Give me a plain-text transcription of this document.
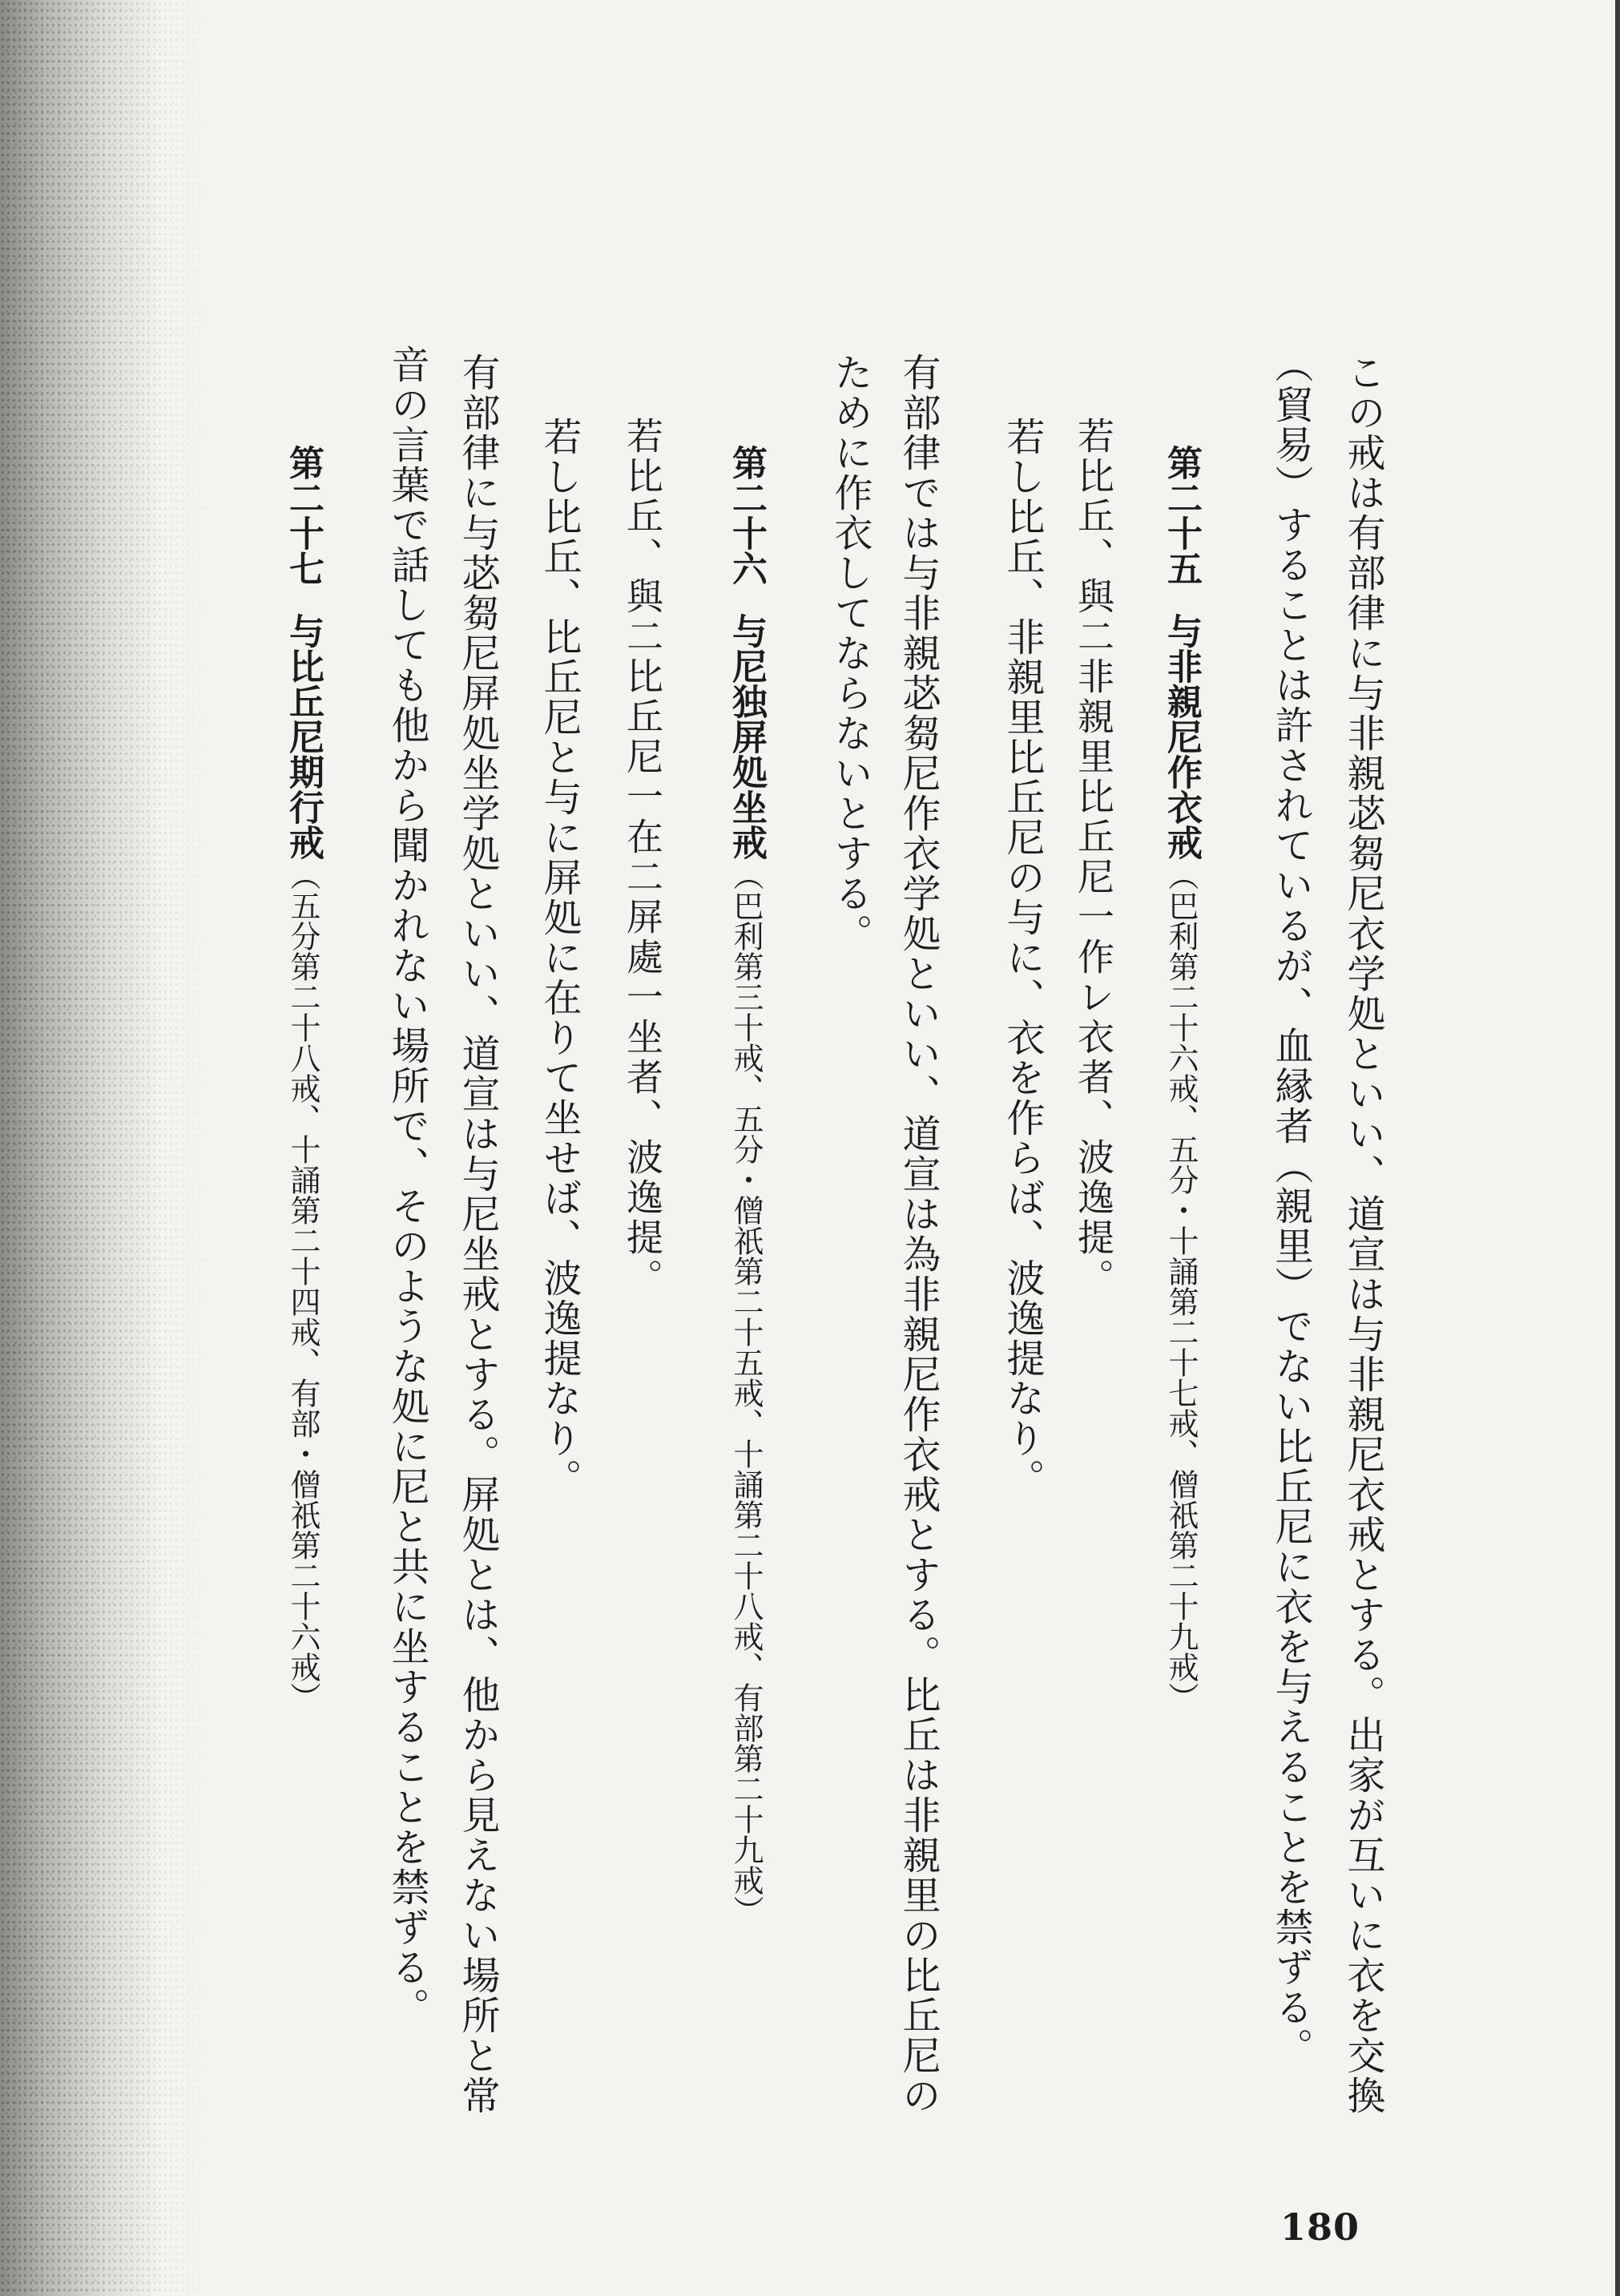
この戒は有部律に与非親苾芻尼衣学処といい、道宣は与非親尼衣戒とする。出家が互いに衣を交換
（貿易）することは許されているが、血縁者（親里）でない比丘尼に衣を与えることを禁ずる。
第二十五与非親尼作衣戒（巴利第二十六戒、五分・十誦第二十七戒、僧祇第二十九戒）
若比丘、與二非親里比丘尼一作レ衣者、波逸提。
若し比丘、非親里比丘尼の与に、衣を作らば、波逸提なり。
有部律では与非親苾芻尼作衣学処といい、道宣は為非親尼作衣戒とする。比丘は非親里の比丘尼の
ために作衣してならないとする。
第二十六与尼独屏処坐戒（巴利第三十戒、五分・僧祇第二十五戒、十誦第二十八戒、有部第二十九戒）
若比丘、與二比丘尼一在二屏處一坐者、波逸提。
若し比丘、比丘尼と与に屏処に在りて坐せば、波逸提なり。
有部律に与苾芻尼屏処坐学処といい、道宣は与尼坐戒とする。屏処とは、他から見えない場所と常
音の言葉で話しても他から聞かれない場所で、そのような処に尼と共に坐することを禁ずる。
第二十七与比丘尼期行戒（五分第二十八戒、十誦第二十四戒、有部・僧祇第二十六戒）
180
